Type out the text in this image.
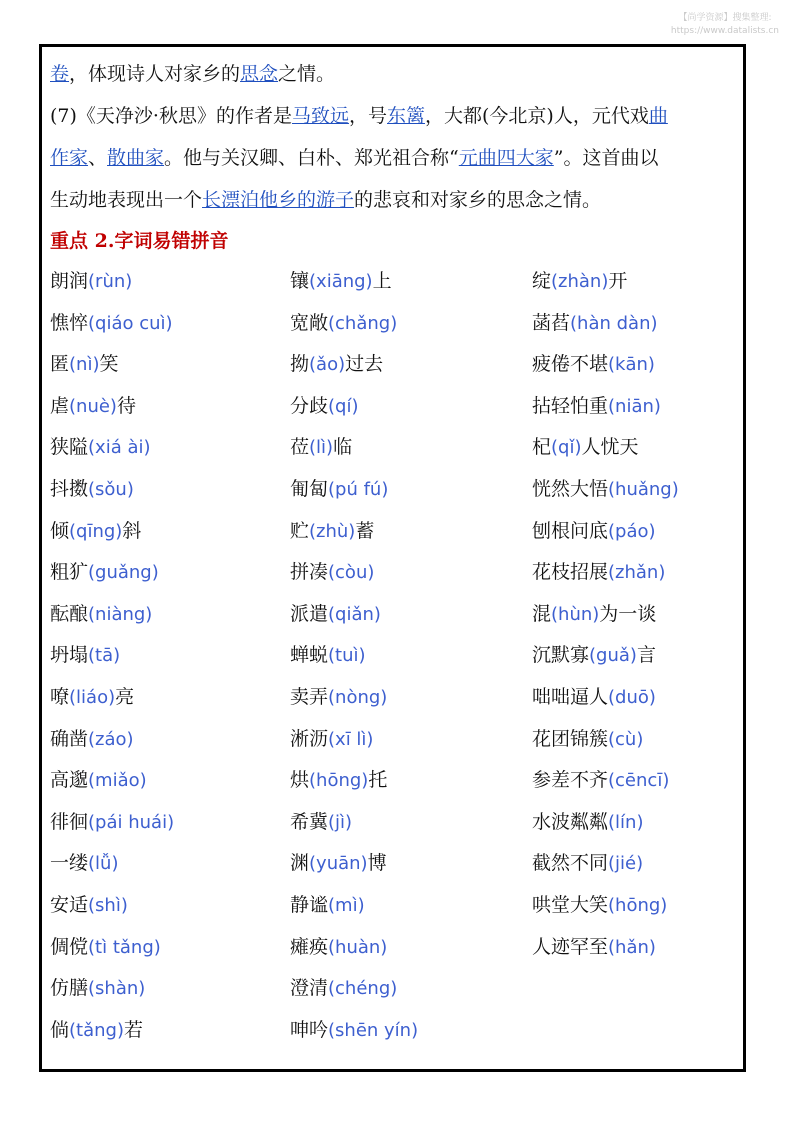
【尚学资源】搜集整理:
https://www.datalists.cn
卷，体现诗人对家乡的思念之情。
(7)《天净沙·秋思》的作者是马致远，号东篱，大都(今北京)人，元代戏曲
作家、散曲家。他与关汉卿、白朴、郑光祖合称“元曲四大家”。这首曲以
生动地表现出一个长漂泊他乡的游子的悲哀和对家乡的思念之情。
重点 2.字词易错拼音
朗润(rùn)
憔悴(qiáo cuì)
匿(nì)笑
虐(nuè)待
狭隘(xiá ài)
抖擞(sǒu)
倾(qīng)斜
粗犷(guǎng)
酝酿(niàng)
坍塌(tā)
嘹(liáo)亮
确凿(záo)
高邈(miǎo)
徘徊(pái huái)
一缕(lǚ)
安适(shì)
倜傥(tì tǎng)
仿膳(shàn)
倘(tǎng)若
镶(xiāng)上
宽敞(chǎng)
拗(ǎo)过去
分歧(qí)
莅(lì)临
匍匐(pú fú)
贮(zhù)蓄
拼凑(còu)
派遣(qiǎn)
蝉蜕(tuì)
卖弄(nòng)
淅沥(xī lì)
烘(hōng)托
希冀(jì)
渊(yuān)博
静谧(mì)
瘫痪(huàn)
澄清(chéng)
呻吟(shēn yín)
绽(zhàn)开
菡萏(hàn dàn)
疲倦不堪(kān)
拈轻怕重(niān)
杞(qǐ)人忧天
恍然大悟(huǎng)
刨根问底(páo)
花枝招展(zhǎn)
混(hùn)为一谈
沉默寡(guǎ)言
咄咄逼人(duō)
花团锦簇(cù)
参差不齐(cēncī)
水波粼粼(lín)
截然不同(jié)
哄堂大笑(hōng)
人迹罕至(hǎn)
